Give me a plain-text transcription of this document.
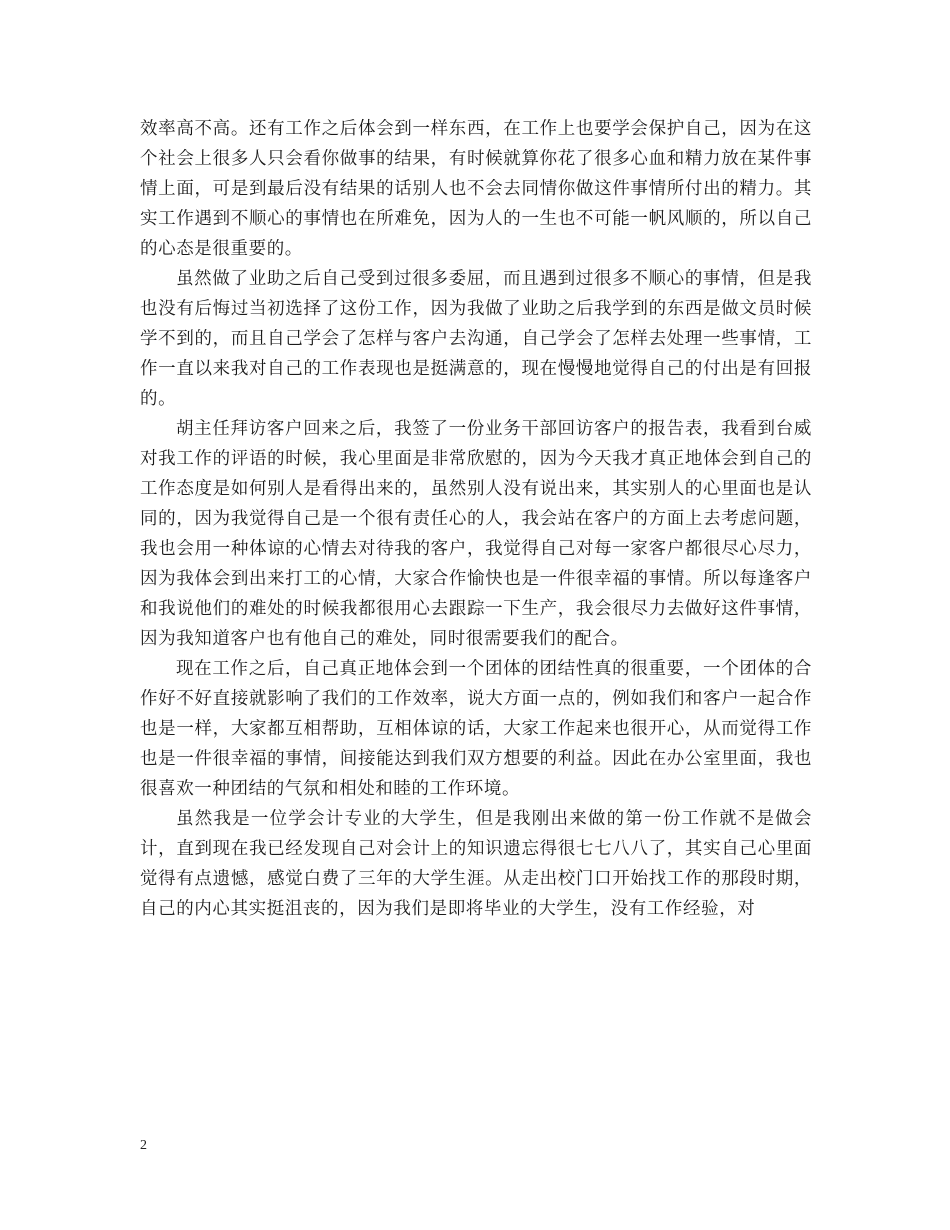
效率高不高。还有工作之后体会到一样东西，在工作上也要学会保护自己，因为在这个社会上很多人只会看你做事的结果，有时候就算你花了很多心血和精力放在某件事情上面，可是到最后没有结果的话别人也不会去同情你做这件事情所付出的精力。其实工作遇到不顺心的事情也在所难免，因为人的一生也不可能一帆风顺的，所以自己的心态是很重要的。

虽然做了业助之后自己受到过很多委屈，而且遇到过很多不顺心的事情，但是我也没有后悔过当初选择了这份工作，因为我做了业助之后我学到的东西是做文员时候学不到的，而且自己学会了怎样与客户去沟通，自己学会了怎样去处理一些事情，工作一直以来我对自己的工作表现也是挺满意的，现在慢慢地觉得自己的付出是有回报的。

胡主任拜访客户回来之后，我签了一份业务干部回访客户的报告表，我看到台威对我工作的评语的时候，我心里面是非常欣慰的，因为今天我才真正地体会到自己的工作态度是如何别人是看得出来的，虽然别人没有说出来，其实别人的心里面也是认同的，因为我觉得自己是一个很有责任心的人，我会站在客户的方面上去考虑问题，我也会用一种体谅的心情去对待我的客户，我觉得自己对每一家客户都很尽心尽力，因为我体会到出来打工的心情，大家合作愉快也是一件很幸福的事情。所以每逢客户和我说他们的难处的时候我都很用心去跟踪一下生产，我会很尽力去做好这件事情，因为我知道客户也有他自己的难处，同时很需要我们的配合。

现在工作之后，自己真正地体会到一个团体的团结性真的很重要，一个团体的合作好不好直接就影响了我们的工作效率，说大方面一点的，例如我们和客户一起合作也是一样，大家都互相帮助，互相体谅的话，大家工作起来也很开心，从而觉得工作也是一件很幸福的事情，间接能达到我们双方想要的利益。因此在办公室里面，我也很喜欢一种团结的气氛和相处和睦的工作环境。

虽然我是一位学会计专业的大学生，但是我刚出来做的第一份工作就不是做会计，直到现在我已经发现自己对会计上的知识遗忘得很七七八八了，其实自己心里面觉得有点遗憾，感觉白费了三年的大学生涯。从走出校门口开始找工作的那段时期，自己的内心其实挺沮丧的，因为我们是即将毕业的大学生，没有工作经验，对

2
